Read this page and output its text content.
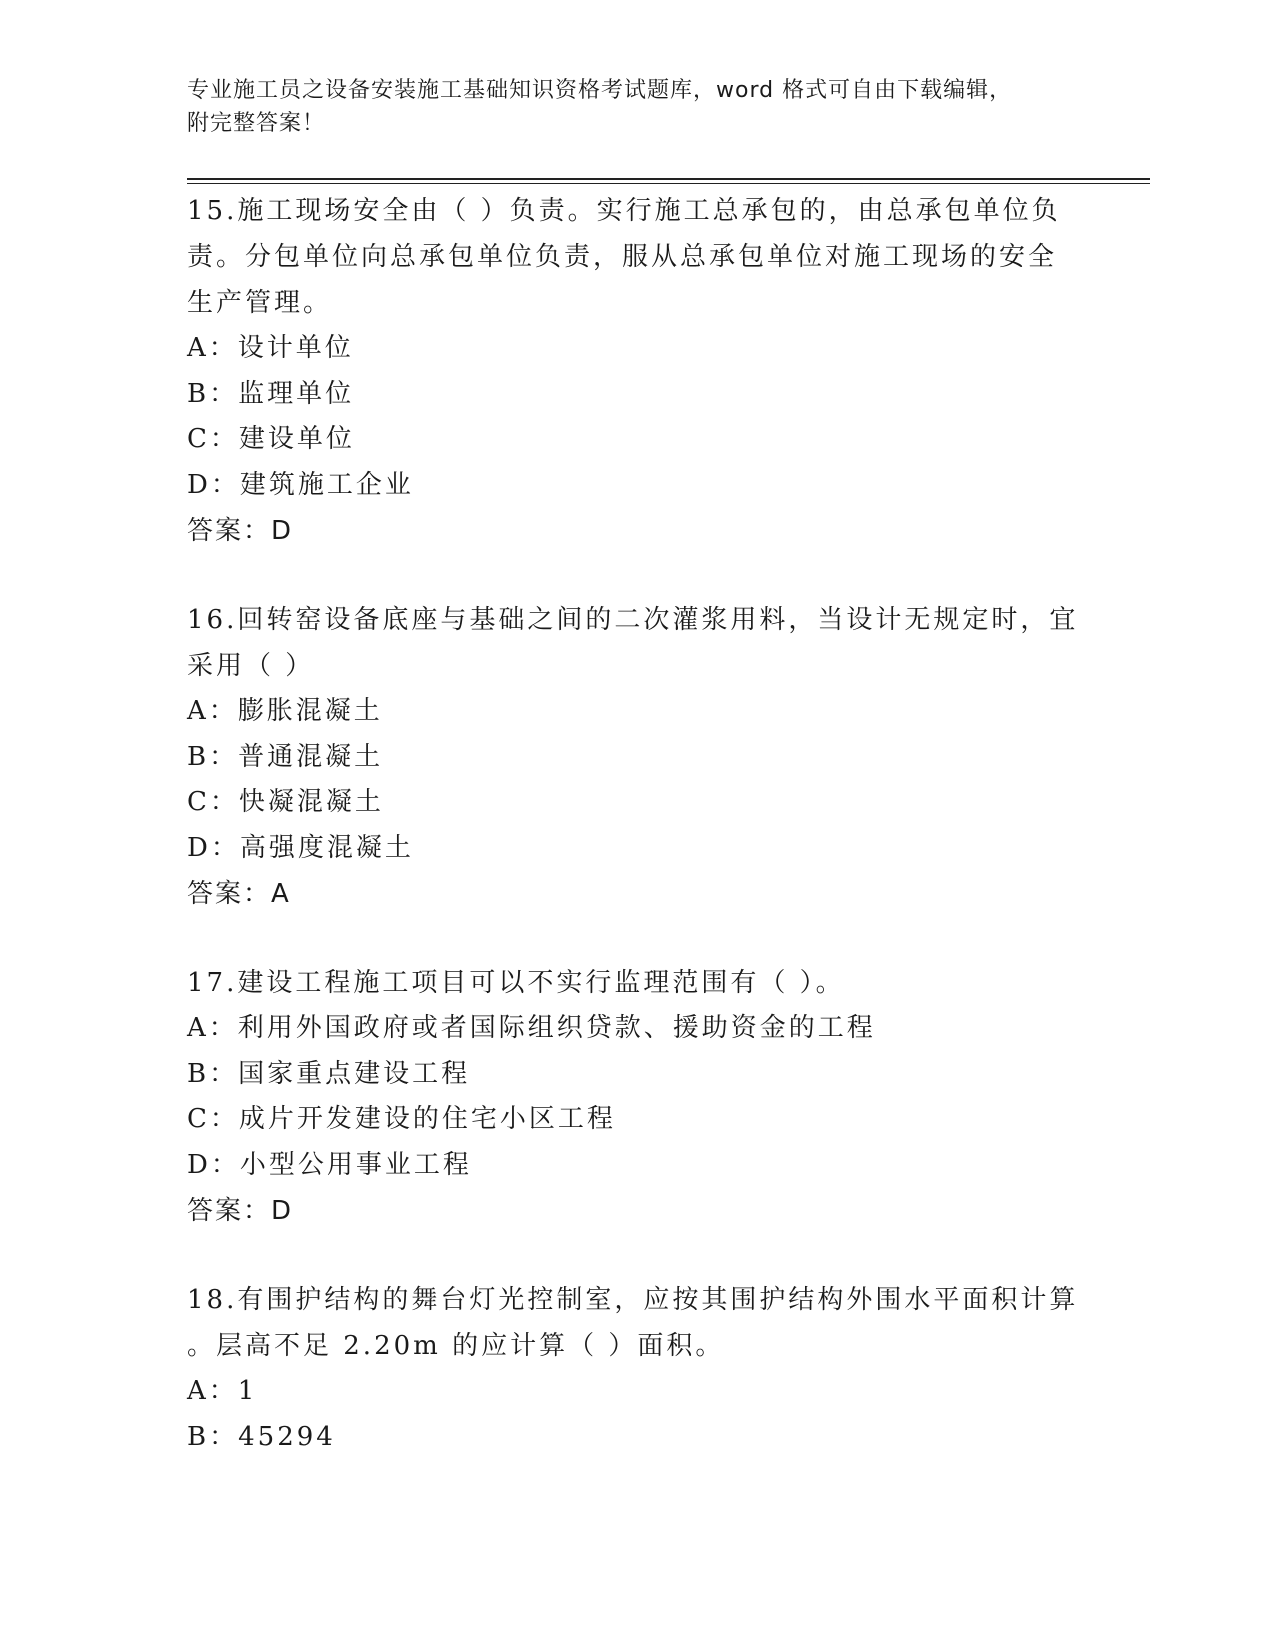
专业施工员之设备安装施工基础知识资格考试题库，word 格式可自由下载编辑，
附完整答案！

15.施工现场安全由（ ）负责。实行施工总承包的，由总承包单位负

责。分包单位向总承包单位负责，服从总承包单位对施工现场的安全

生产管理。

A：设计单位

B：监理单位

C：建设单位

D：建筑施工企业

答案：D

16.回转窑设备底座与基础之间的二次灌浆用料，当设计无规定时，宜

采用（ ）

A：膨胀混凝土

B：普通混凝土

C：快凝混凝土

D：高强度混凝土

答案：A

17.建设工程施工项目可以不实行监理范围有（ ）。

A：利用外国政府或者国际组织贷款、援助资金的工程

B：国家重点建设工程

C：成片开发建设的住宅小区工程

D：小型公用事业工程

答案：D

18.有围护结构的舞台灯光控制室，应按其围护结构外围水平面积计算

。层高不足 2.20m 的应计算（ ）面积。

A：1

B：45294
